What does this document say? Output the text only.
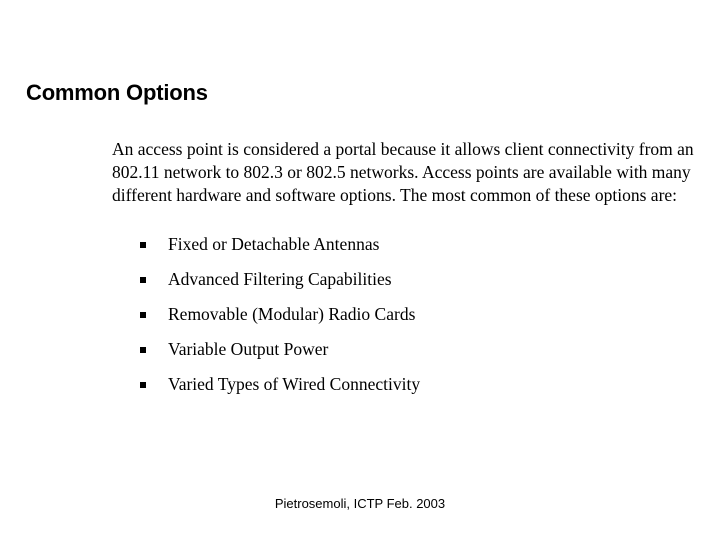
Common Options

An access point is considered a portal because it allows client connectivity from an 802.11 network to 802.3 or 802.5 networks. Access points are available with many different hardware and software options. The most common of these options are:

Fixed or Detachable Antennas
Advanced Filtering Capabilities
Removable (Modular) Radio Cards
Variable Output Power
Varied Types of Wired Connectivity

Pietrosemoli, ICTP Feb. 2003
